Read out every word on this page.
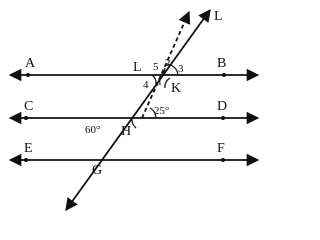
A	B
C	D
E	F
L
L
K
H
G
4
5 2 3
1
25°
60°
